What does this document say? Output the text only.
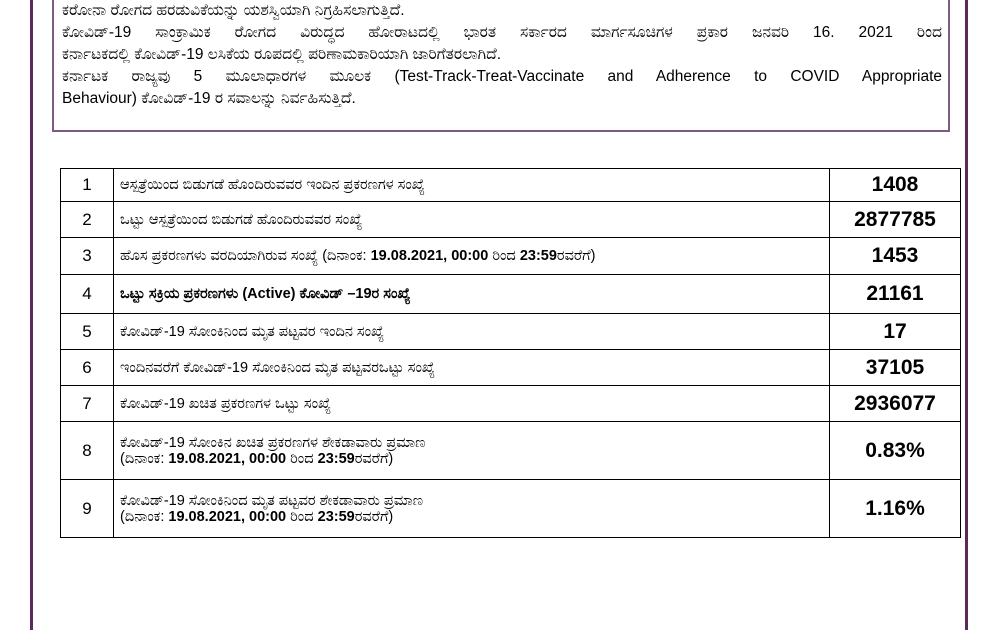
ಕರೋನಾ ರೋಗದ ಹರಡುವಿಕೆಯನ್ನು ಯಶಸ್ವಿಯಾಗಿ ನಿಗ್ರಹಿಸಲಾಗುತ್ತಿದೆ.

ಕೋವಿಡ್-19 ಸಾಂಕ್ರಾಮಿಕ ರೋಗದ ವಿರುದ್ಧದ ಹೋರಾಟದಲ್ಲಿ ಭಾರತ ಸರ್ಕಾರದ ಮಾರ್ಗಸೂಚಿಗಳ ಪ್ರಕಾರ ಜನವರಿ 16. 2021 ರಿಂದ

ಕರ್ನಾಟಕದಲ್ಲಿ ಕೋವಿಡ್-19 ಲಸಿಕೆಯ ರೂಪದಲ್ಲಿ ಪರಿಣಾಮಕಾರಿಯಾಗಿ ಜಾರಿಗೆತರಲಾಗಿದೆ.

ಕರ್ನಾಟಕ ರಾಜ್ಯವು 5 ಮೂಲಾಧಾರಗಳ ಮೂಲಕ (Test-Track-Treat-Vaccinate and Adherence to COVID Appropriate

Behaviour) ಕೋವಿಡ್-19 ರ ಸವಾಲನ್ನು ನಿರ್ವಹಿಸುತ್ತಿದೆ.

1	ಆಸ್ಪತ್ರೆಯಿಂದ ಬಿಡುಗಡೆ ಹೊಂದಿರುವವರ ಇಂದಿನ ಪ್ರಕರಣಗಳ ಸಂಖ್ಯೆ	1408
2	ಒಟ್ಟು ಆಸ್ಪತ್ರೆಯಿಂದ ಬಿಡುಗಡೆ ಹೊಂದಿರುವವರ ಸಂಖ್ಯೆ	2877785
3	ಹೊಸ ಪ್ರಕರಣಗಳು ವರದಿಯಾಗಿರುವ ಸಂಖ್ಯೆ (ದಿನಾಂಕ: 19.08.2021, 00:00 ರಿಂದ 23:59ರವರೆಗೆ)	1453
4	ಒಟ್ಟು ಸಕ್ರಿಯ ಪ್ರಕರಣಗಳು (Active) ಕೋವಿಡ್ –19ರ ಸಂಖ್ಯೆ	21161
5	ಕೋವಿಡ್-19 ಸೋಂಕಿನಿಂದ ಮೃತ ಪಟ್ಟವರ ಇಂದಿನ ಸಂಖ್ಯೆ	17
6	ಇಂದಿನವರೆಗೆ ಕೋವಿಡ್-19 ಸೋಂಕಿನಿಂದ ಮೃತ ಪಟ್ಟವರಒಟ್ಟು ಸಂಖ್ಯೆ	37105
7	ಕೋವಿಡ್-19 ಖಚಿತ ಪ್ರಕರಣಗಳ ಒಟ್ಟು ಸಂಖ್ಯೆ	2936077
8	ಕೋವಿಡ್-19 ಸೋಂಕಿನ ಖಚಿತ ಪ್ರಕರಣಗಳ ಶೇಕಡಾವಾರು ಪ್ರಮಾಣ
(ದಿನಾಂಕ: 19.08.2021, 00:00 ರಿಂದ 23:59ರವರೆಗೆ)	0.83%
9	ಕೋವಿಡ್-19 ಸೋಂಕಿನಿಂದ ಮೃತ ಪಟ್ಟವರ ಶೇಕಡಾವಾರು ಪ್ರಮಾಣ
(ದಿನಾಂಕ: 19.08.2021, 00:00 ರಿಂದ 23:59ರವರೆಗೆ)	1.16%
